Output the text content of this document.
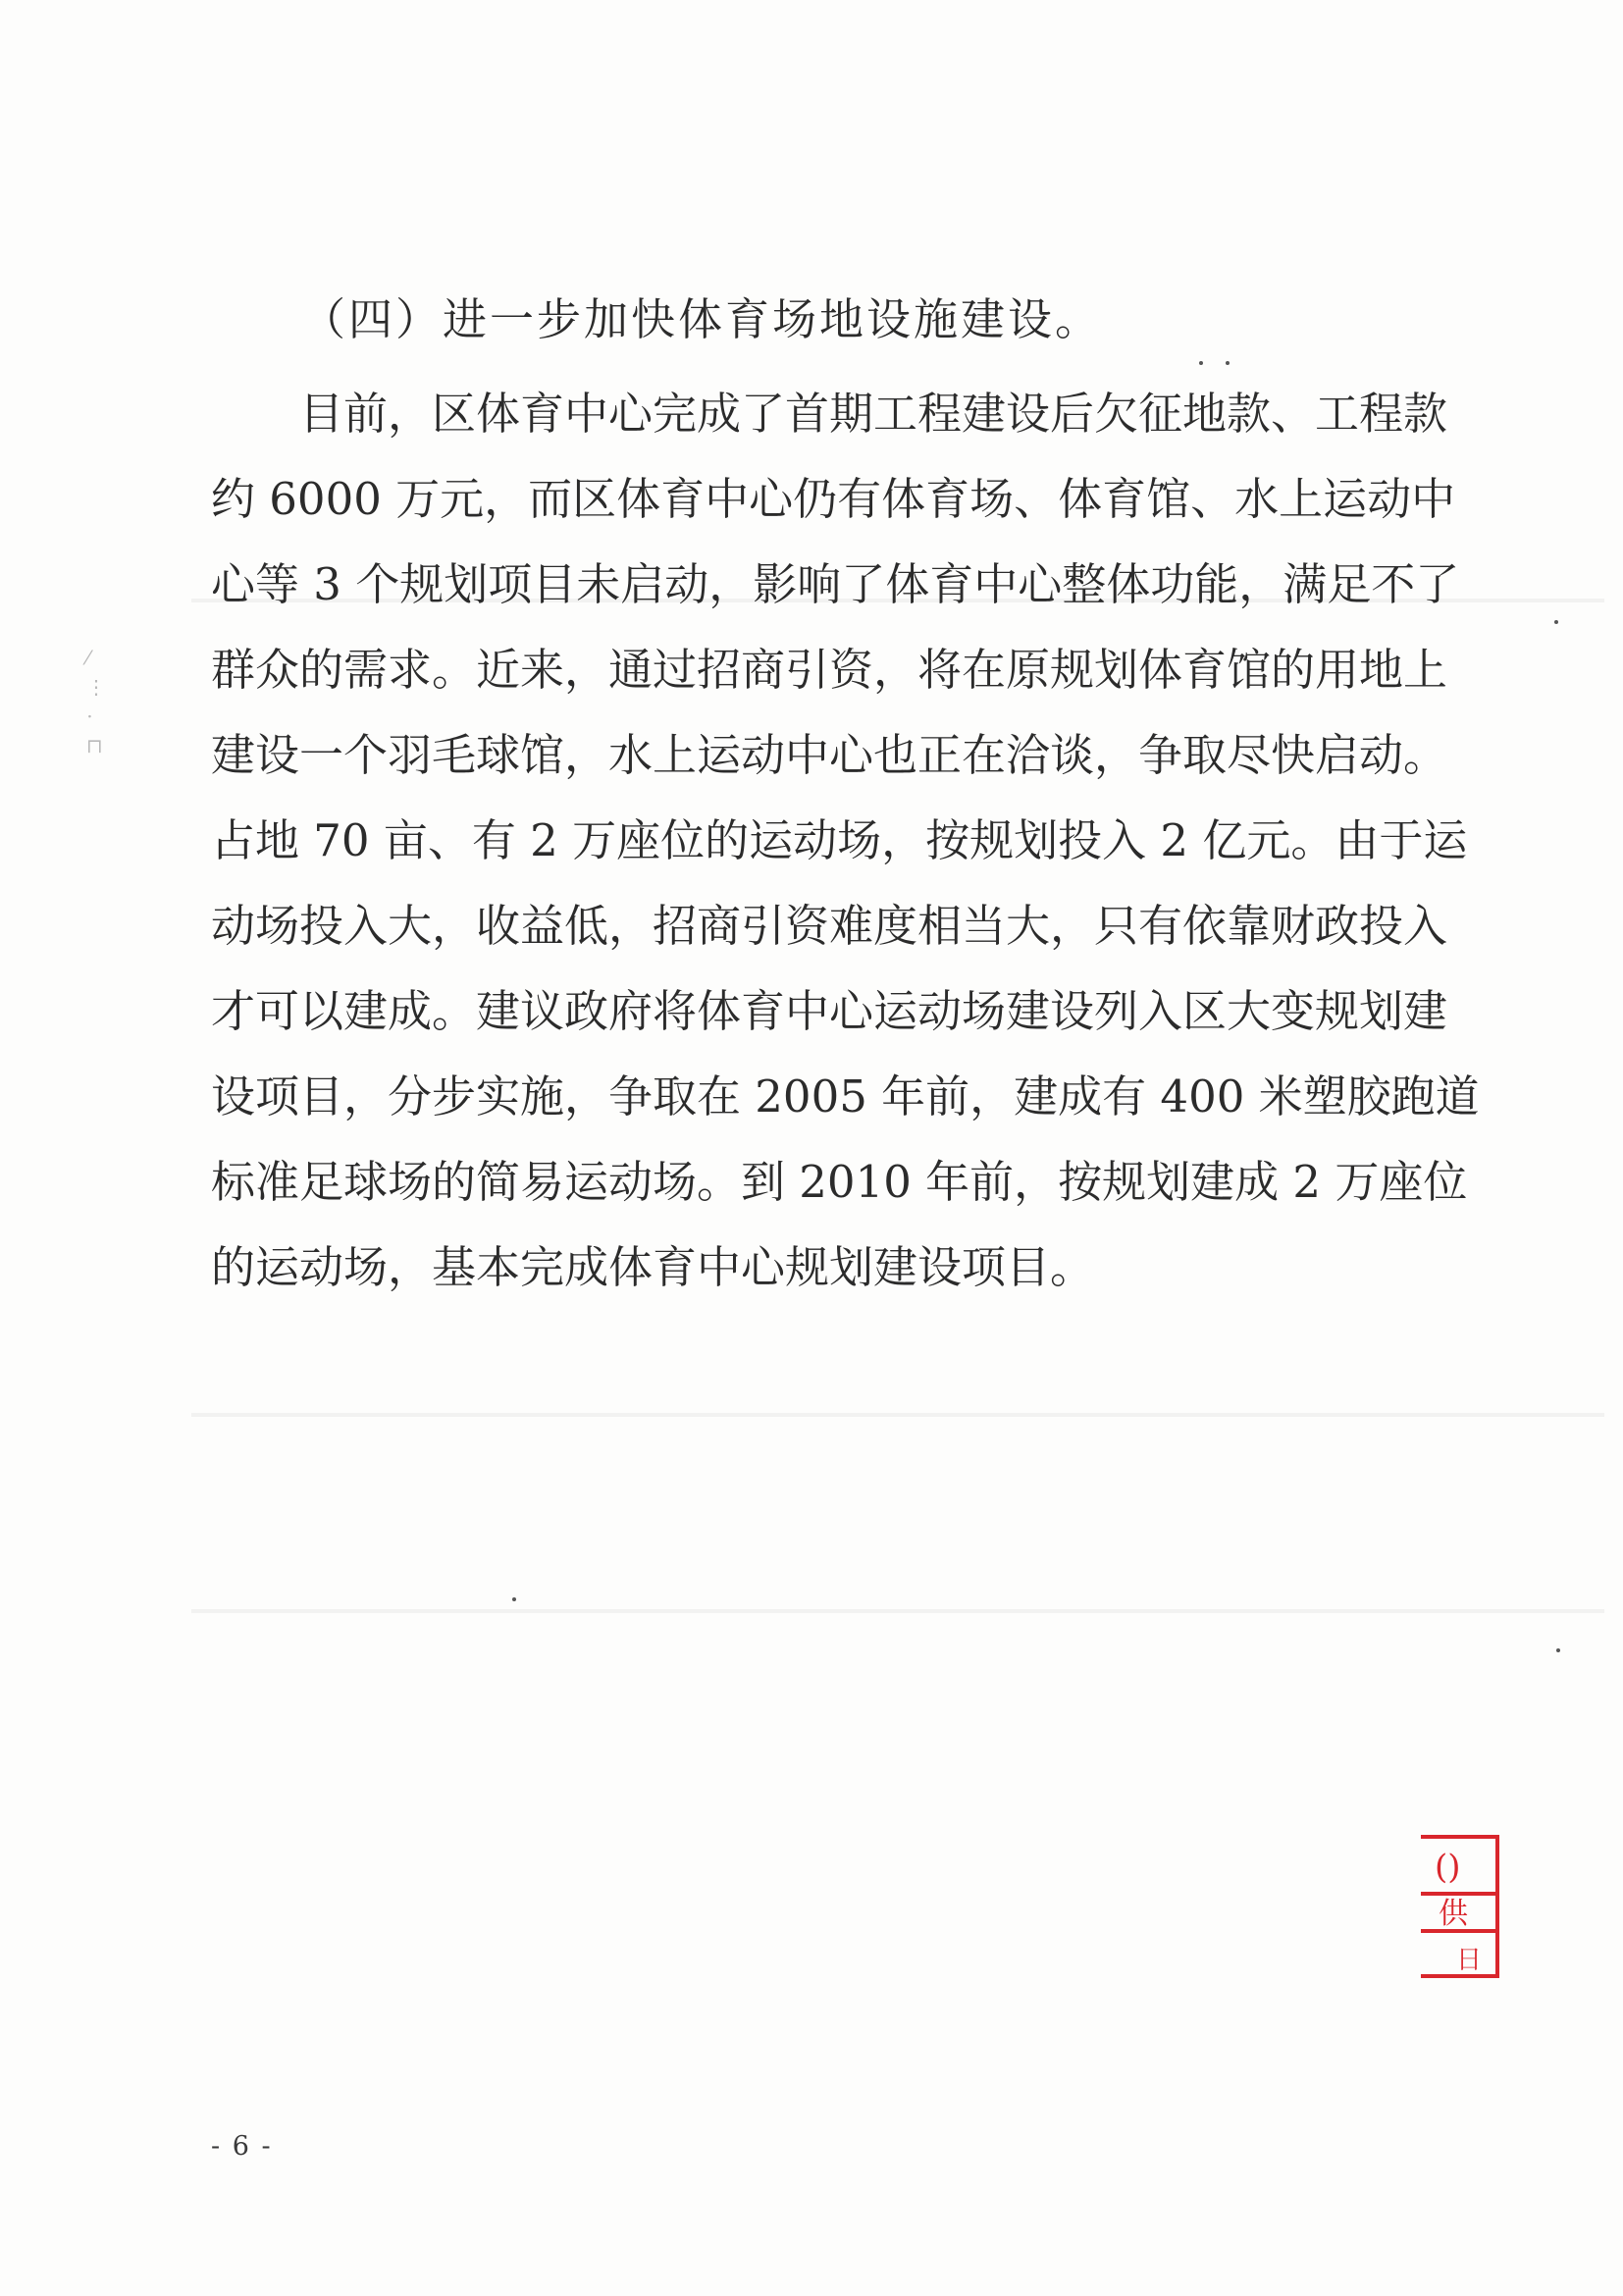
⁄
⋮
⋅
⊓
（四）进一步加快体育场地设施建设。
目前，区体育中心完成了首期工程建设后欠征地款、工程款
约 6000 万元，而区体育中心仍有体育场、体育馆、水上运动中
心等 3 个规划项目未启动，影响了体育中心整体功能，满足不了
群众的需求。近来，通过招商引资，将在原规划体育馆的用地上
建设一个羽毛球馆，水上运动中心也正在洽谈，争取尽快启动。
占地 70 亩、有 2 万座位的运动场，按规划投入 2 亿元。由于运
动场投入大，收益低，招商引资难度相当大，只有依靠财政投入
才可以建成。建议政府将体育中心运动场建设列入区大变规划建
设项目，分步实施，争取在 2005 年前，建成有 400 米塑胶跑道
标准足球场的简易运动场。到 2010 年前，按规划建成 2 万座位
的运动场，基本完成体育中心规划建设项目。
()
供
日
- 6 -
